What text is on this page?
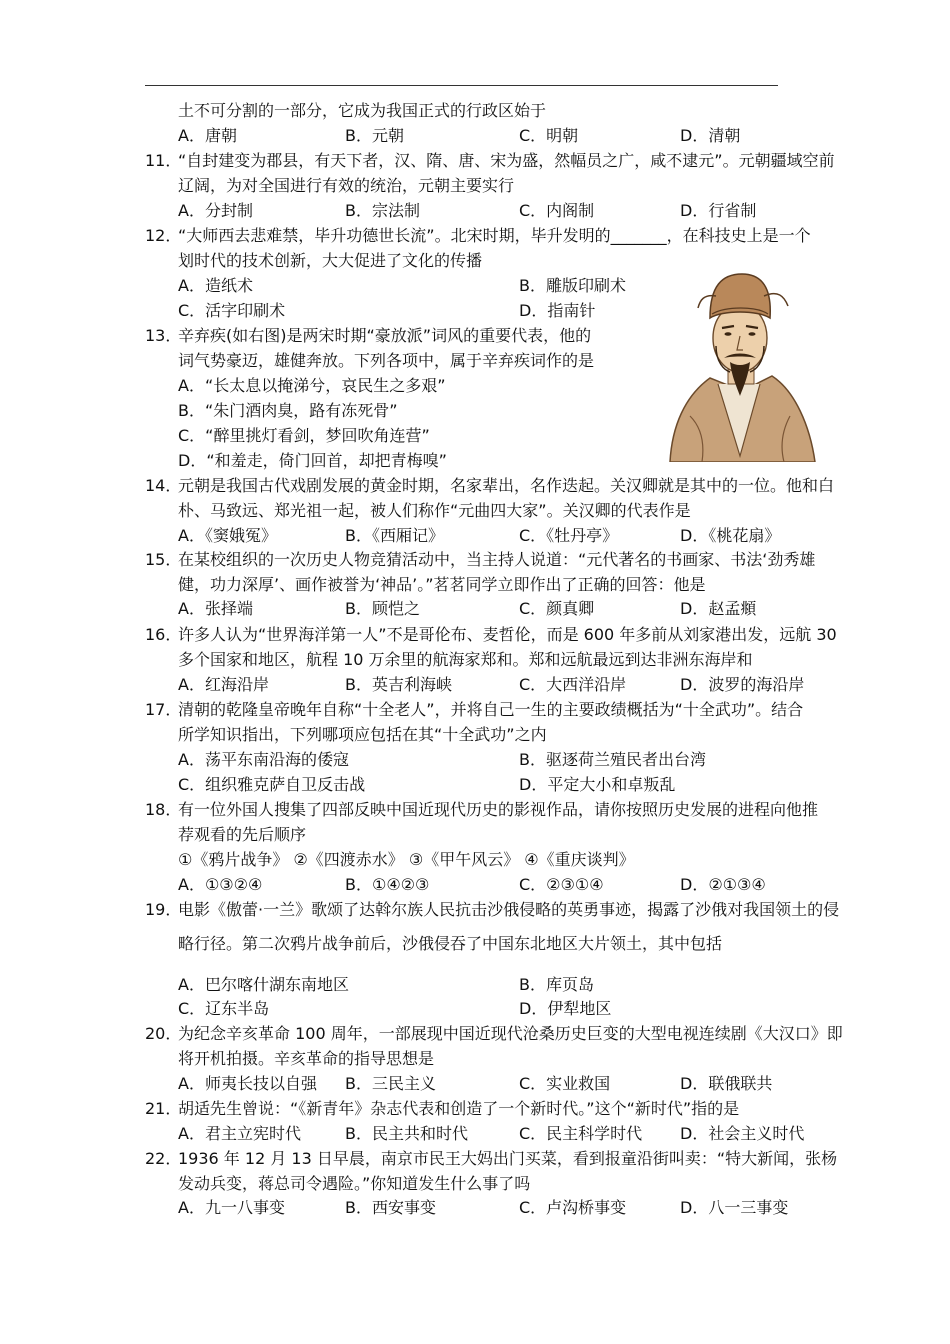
土不可分割的一部分，它成为我国正式的行政区始于
A．唐朝	B．元朝	C．明朝	D．清朝
11．
“自封建变为郡县，有天下者，汉、隋、唐、宋为盛，然幅员之广，咸不逮元”。元朝疆域空前
辽阔，为对全国进行有效的统治，元朝主要实行
A．分封制	B．宗法制	C．内阁制	D．行省制
12．
“大师西去悲难禁，毕升功德世长流”。北宋时期，毕升发明的_______，在科技史上是一个
划时代的技术创新，大大促进了文化的传播
A．造纸术	B．雕版印刷术
C．活字印刷术	D．指南针
13．
辛弃疾(如右图)是两宋时期“豪放派”词风的重要代表，他的
词气势豪迈，雄健奔放。下列各项中，属于辛弃疾词作的是
A．“长太息以掩涕兮，哀民生之多艰”
B．“朱门酒肉臭，路有冻死骨”
C．“醉里挑灯看剑，梦回吹角连营”
D．“和羞走，倚门回首，却把青梅嗅”
14．
元朝是我国古代戏剧发展的黄金时期，名家辈出，名作迭起。关汉卿就是其中的一位。他和白
朴、马致远、郑光祖一起，被人们称作“元曲四大家”。关汉卿的代表作是
A．《窦娥冤》	B．《西厢记》	C．《牡丹亭》	D．《桃花扇》
15．
在某校组织的一次历史人物竞猜活动中，当主持人说道：“元代著名的书画家、书法‘劲秀雄
健，功力深厚’、画作被誉为‘神品’。”茗茗同学立即作出了正确的回答：他是
A．张择端	B．顾恺之	C．颜真卿	D．赵孟頫
16．
许多人认为“世界海洋第一人”不是哥伦布、麦哲伦，而是 600 年多前从刘家港出发，远航 30
多个国家和地区，航程 10 万余里的航海家郑和。郑和远航最远到达非洲东海岸和
A．红海沿岸	B．英吉利海峡	C．大西洋沿岸	D．波罗的海沿岸
17．
清朝的乾隆皇帝晚年自称“十全老人”，并将自己一生的主要政绩概括为“十全武功”。结合
所学知识指出，下列哪项应包括在其“十全武功”之内
A．荡平东南沿海的倭寇	B．驱逐荷兰殖民者出台湾
C．组织雅克萨自卫反击战	D．平定大小和卓叛乱
18．
有一位外国人搜集了四部反映中国近现代历史的影视作品，请你按照历史发展的进程向他推
荐观看的先后顺序
①《鸦片战争》 ②《四渡赤水》 ③《甲午风云》 ④《重庆谈判》
A．①③②④	B．①④②③	C．②③①④	D．②①③④
19．
电影《傲蕾·一兰》歌颂了达斡尔族人民抗击沙俄侵略的英勇事迹，揭露了沙俄对我国领土的侵
略行径。第二次鸦片战争前后，沙俄侵吞了中国东北地区大片领土，其中包括
A．巴尔喀什湖东南地区	B．库页岛
C．辽东半岛	D．伊犁地区
20．
为纪念辛亥革命 100 周年，一部展现中国近现代沧桑历史巨变的大型电视连续剧《大汉口》即
将开机拍摄。辛亥革命的指导思想是
A．师夷长技以自强 B．三民主义	C．实业救国	D．联俄联共
21．
胡适先生曾说：“《新青年》杂志代表和创造了一个新时代。”这个“新时代”指的是
A．君主立宪时代	B．民主共和时代	C．民主科学时代 D．社会主义时代
22．
1936 年 12 月 13 日早晨，南京市民王大妈出门买菜，看到报童沿街叫卖：“特大新闻，张杨
发动兵变，蒋总司令遇险。”你知道发生什么事了吗
A．九一八事变	B．西安事变	C．卢沟桥事变	D．八一三事变
